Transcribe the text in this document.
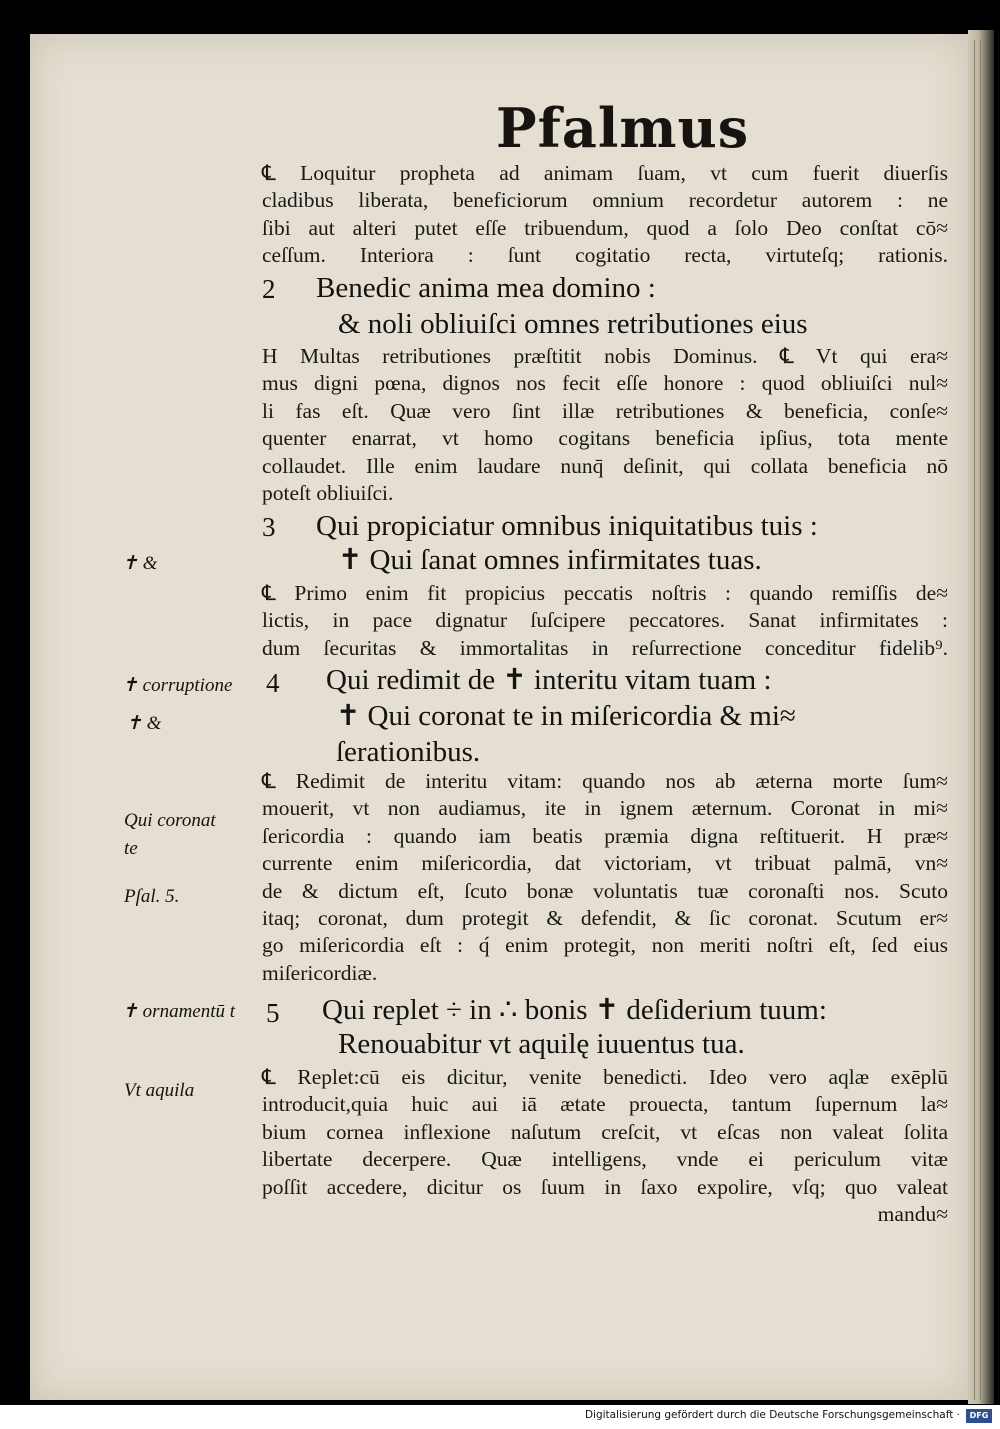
Pfalmus
℄ Loquitur propheta ad animam ſuam, vt cum fuerit diuerſis
cladibus liberata, beneficiorum omnium recordetur autorem : ne
ſibi aut alteri putet eſſe tribuendum, quod a ſolo Deo conſtat cō≈
ceſſum. Interiora : ſunt cogitatio recta, virtuteſq; rationis.
2 Benedic anima mea domino :
& noli obliuiſci omnes retributiones eius
H Multas retributiones præſtitit nobis Dominus. ℄ Vt qui era≈
mus digni pœna, dignos nos fecit eſſe honore : quod obliuiſci nul≈
li fas eſt. Quæ vero ſint illæ retributiones & beneficia, conſe≈
quenter enarrat, vt homo cogitans beneficia ipſius, tota mente
collaudet. Ille enim laudare nunq̄ deſinit, qui collata beneficia nō
poteſt obliuiſci.
3 Qui propiciatur omnibus iniquitatibus tuis :
✝ Qui ſanat omnes infirmitates tuas.
✝ &
℄ Primo enim fit propicius peccatis noſtris : quando remiſſis de≈
lictis, in pace dignatur ſuſcipere peccatores. Sanat infirmitates :
dum ſecuritas & immortalitas in reſurrectione conceditur fidelib⁹.
4 Qui redimit de ✝ interitu vitam tuam :
✝ Qui coronat te in miſericordia & mi≈
ſerationibus.
✝ corruptione
✝ &
℄ Redimit de interitu vitam: quando nos ab æterna morte ſum≈
mouerit, vt non audiamus, ite in ignem æternum. Coronat in mi≈
ſericordia : quando iam beatis præmia digna reſtituerit. H præ≈
currente enim miſericordia, dat victoriam, vt tribuat palmā, vn≈
de & dictum eſt, ſcuto bonæ voluntatis tuæ coronaſti nos. Scuto
itaq; coronat, dum protegit & defendit, & ſic coronat. Scutum er≈
go miſericordia eſt : q́ enim protegit, non meriti noſtri eſt, ſed eius
miſericordiæ.
Qui coronat
te
Pſal. 5.
5 Qui replet ÷ in ∴ bonis ✝ deſiderium tuum:
Renouabitur vt aquilę iuuentus tua.
✝ ornamentū t
℄ Replet:cū eis dicitur, venite benedicti. Ideo vero aqlæ exēplū
introducit,quia huic aui iā ætate prouecta, tantum ſupernum la≈
bium cornea inflexione naſutum creſcit, vt eſcas non valeat ſolita
libertate decerpere. Quæ intelligens, vnde ei periculum vitæ
poſſit accedere, dicitur os ſuum in ſaxo expolire, vſq; quo valeat
mandu≈
Vt aquila
Digitalisierung gefördert durch die Deutsche Forschungsgemeinschaft ·	DFG
